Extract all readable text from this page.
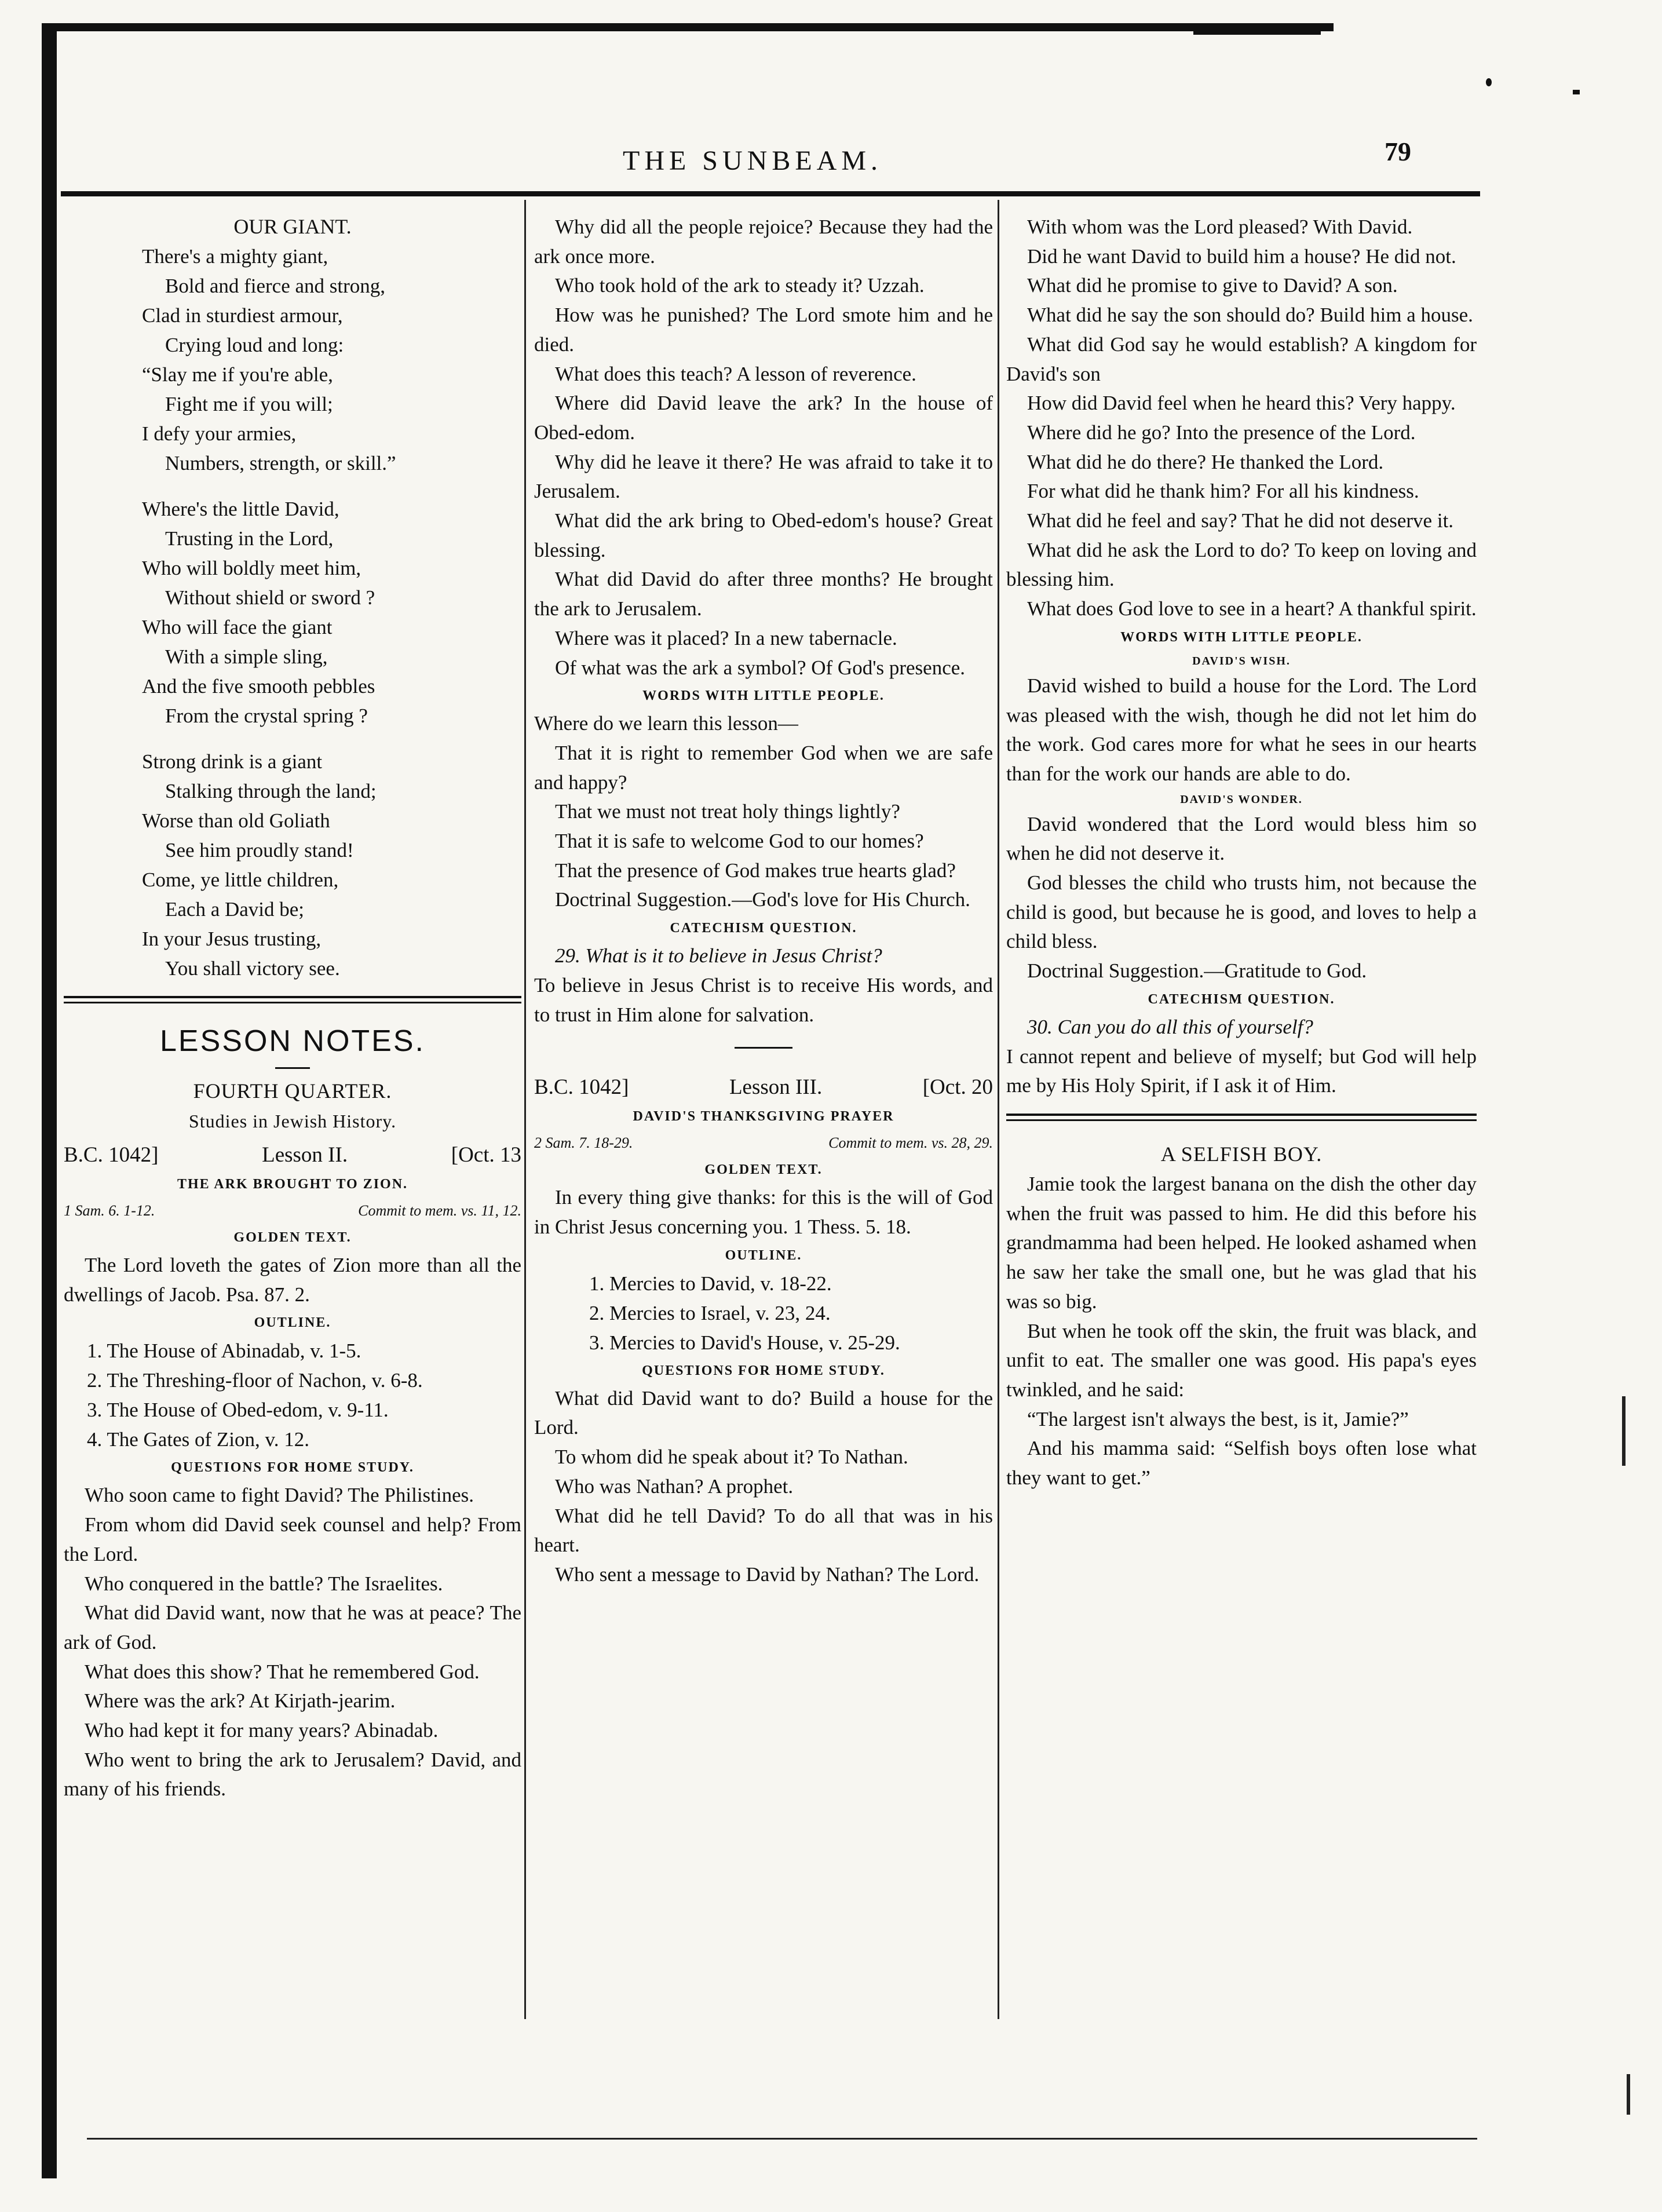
THE SUNBEAM.	79
OUR GIANT.
There's a mighty giant,
Bold and fierce and strong,
Clad in sturdiest armour,
Crying loud and long:
“Slay me if you're able,
Fight me if you will;
I defy your armies,
Numbers, strength, or skill.”
Where's the little David,
Trusting in the Lord,
Who will boldly meet him,
Without shield or sword ?
Who will face the giant
With a simple sling,
And the five smooth pebbles
From the crystal spring ?
Strong drink is a giant
Stalking through the land;
Worse than old Goliath
See him proudly stand!
Come, ye little children,
Each a David be;
In your Jesus trusting,
You shall victory see.
LESSON NOTES.
FOURTH QUARTER.
Studies in Jewish History.
B.C. 1042]	Lesson II.	[Oct. 13
THE ARK BROUGHT TO ZION.
1 Sam. 6. 1-12.	Commit to mem. vs. 11, 12.
GOLDEN TEXT.

The Lord loveth the gates of Zion more than all the dwellings of Jacob. Psa. 87. 2.

OUTLINE.
1. The House of Abinadab, v. 1-5.
2. The Threshing-floor of Nachon, v. 6-8.
3. The House of Obed-edom, v. 9-11.
4. The Gates of Zion, v. 12.
QUESTIONS FOR HOME STUDY.

Who soon came to fight David? The Philistines.

From whom did David seek counsel and help? From the Lord.

Who conquered in the battle? The Israelites.

What did David want, now that he was at peace? The ark of God.

What does this show? That he remembered God.

Where was the ark? At Kirjath-jearim.

Who had kept it for many years? Abinadab.

Who went to bring the ark to Jerusalem? David, and many of his friends.

Why did all the people rejoice? Because they had the ark once more.

Who took hold of the ark to steady it? Uzzah.

How was he punished? The Lord smote him and he died.

What does this teach? A lesson of reverence.

Where did David leave the ark? In the house of Obed-edom.

Why did he leave it there? He was afraid to take it to Jerusalem.

What did the ark bring to Obed-edom's house? Great blessing.

What did David do after three months? He brought the ark to Jerusalem.

Where was it placed? In a new tabernacle.

Of what was the ark a symbol? Of God's presence.

WORDS WITH LITTLE PEOPLE.

Where do we learn this lesson—

That it is right to remember God when we are safe and happy?

That we must not treat holy things lightly?

That it is safe to welcome God to our homes?

That the presence of God makes true hearts glad?

Doctrinal Suggestion.—God's love for His Church.

CATECHISM QUESTION.

29. What is it to believe in Jesus Christ?

To believe in Jesus Christ is to receive His words, and to trust in Him alone for salvation.

B.C. 1042]	Lesson III.	[Oct. 20
DAVID'S THANKSGIVING PRAYER
2 Sam. 7. 18-29.	Commit to mem. vs. 28, 29.
GOLDEN TEXT.

In every thing give thanks: for this is the will of God in Christ Jesus concerning you. 1 Thess. 5. 18.

OUTLINE.
1. Mercies to David, v. 18-22.
2. Mercies to Israel, v. 23, 24.
3. Mercies to David's House, v. 25-29.
QUESTIONS FOR HOME STUDY.

What did David want to do? Build a house for the Lord.

To whom did he speak about it? To Nathan.

Who was Nathan? A prophet.

What did he tell David? To do all that was in his heart.

Who sent a message to David by Nathan? The Lord.

With whom was the Lord pleased? With David.

Did he want David to build him a house? He did not.

What did he promise to give to David? A son.

What did he say the son should do? Build him a house.

What did God say he would establish? A kingdom for David's son

How did David feel when he heard this? Very happy.

Where did he go? Into the presence of the Lord.

What did he do there? He thanked the Lord.

For what did he thank him? For all his kindness.

What did he feel and say? That he did not deserve it.

What did he ask the Lord to do? To keep on loving and blessing him.

What does God love to see in a heart? A thankful spirit.

WORDS WITH LITTLE PEOPLE.
DAVID'S WISH.

David wished to build a house for the Lord. The Lord was pleased with the wish, though he did not let him do the work. God cares more for what he sees in our hearts than for the work our hands are able to do.

DAVID'S WONDER.

David wondered that the Lord would bless him so when he did not deserve it.

God blesses the child who trusts him, not because the child is good, but because he is good, and loves to help a child bless.

Doctrinal Suggestion.—Gratitude to God.

CATECHISM QUESTION.

30. Can you do all this of yourself?

I cannot repent and believe of myself; but God will help me by His Holy Spirit, if I ask it of Him.

A SELFISH BOY.

Jamie took the largest banana on the dish the other day when the fruit was passed to him. He did this before his grandmamma had been helped. He looked ashamed when he saw her take the small one, but he was glad that his was so big.

But when he took off the skin, the fruit was black, and unfit to eat. The smaller one was good. His papa's eyes twinkled, and he said:

“The largest isn't always the best, is it, Jamie?”

And his mamma said: “Selfish boys often lose what they want to get.”
